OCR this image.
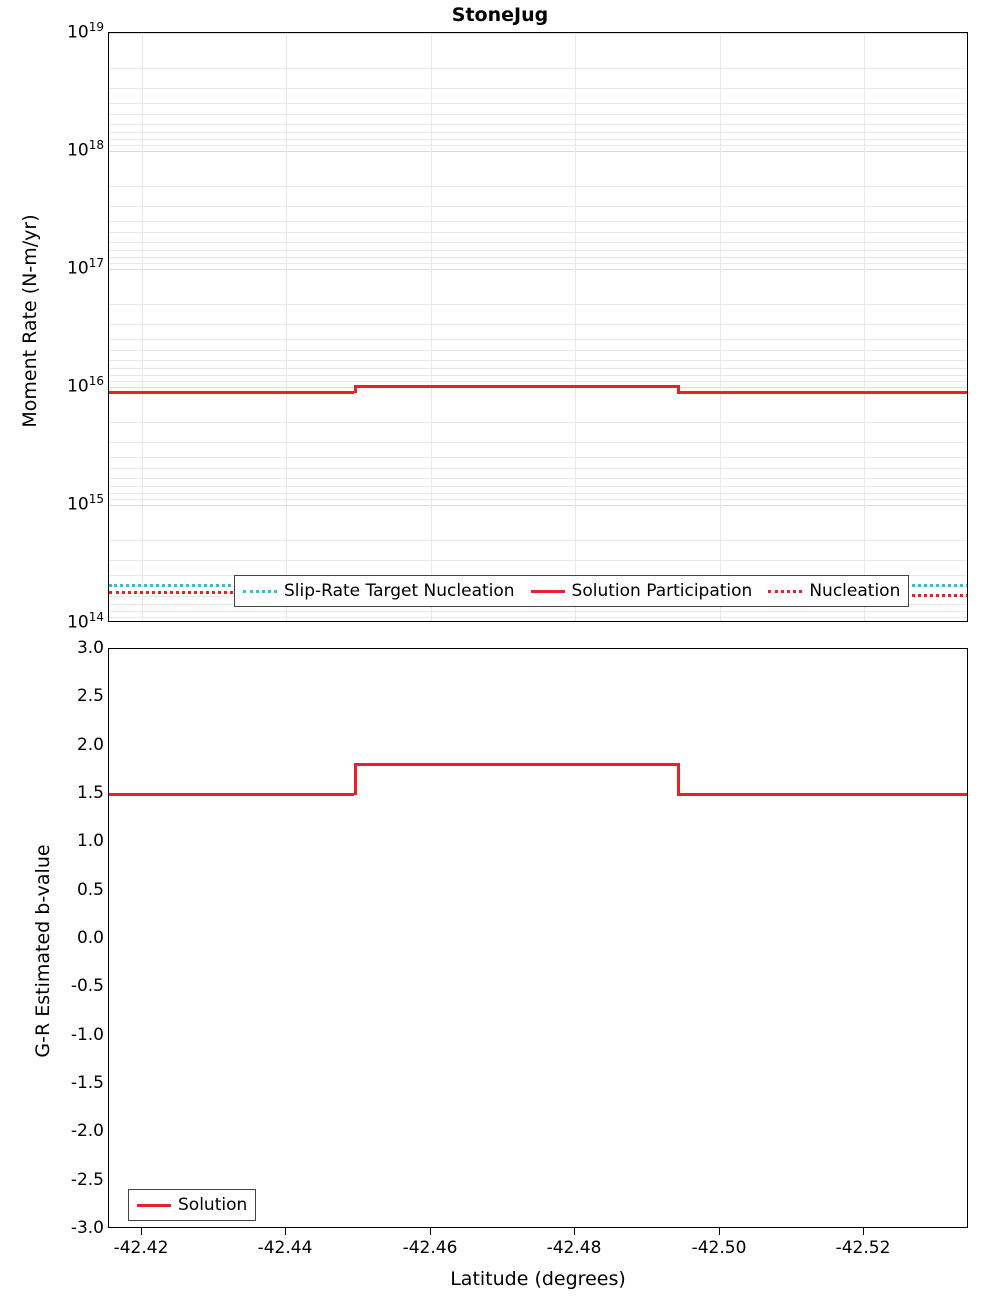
StoneJug
Moment Rate (N-m/yr)
$10^{19}$
$10^{18}$
$10^{17}$
$10^{16}$
$10^{15}$
$10^{14}$
Slip-Rate Target Nucleation	Solution Participation	Nucleation
G-R Estimated b-value
3.0
2.5
2.0
1.5
1.0
0.5
0.0
-0.5
-1.0
-1.5
-2.0
-2.5
-3.0
Solution
-42.42	-42.44	-42.46	-42.48	-42.50	-42.52
Latitude (degrees)
